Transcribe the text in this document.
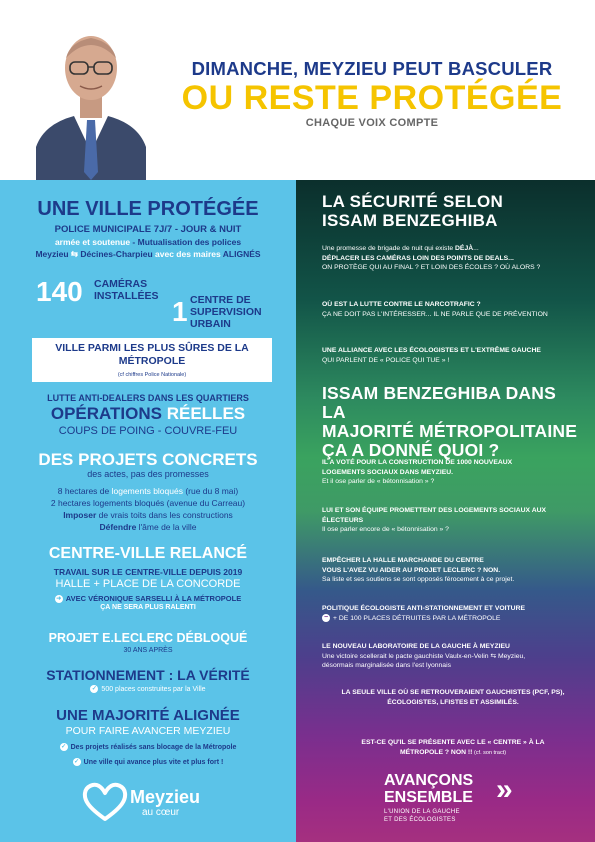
DIMANCHE, MEYZIEU PEUT BASCULER
OU RESTE PROTÉGÉE
CHAQUE VOIX COMPTE
UNE VILLE PROTÉGÉE
POLICE MUNICIPALE 7J/7 - JOUR & NUIT
armée et soutenue - Mutualisation des polices
Meyzieu ⇆ Décines-Charpieu avec des maires ALIGNÉS
140 CAMÉRAS
INSTALLÉES 1 CENTRE DE
SUPERVISION
URBAIN
VILLE PARMI LES PLUS SÛRES DE LA
MÉTROPOLE
(cf chiffres Police Nationale)
LUTTE ANTI-DEALERS DANS LES QUARTIERS
OPÉRATIONS RÉELLES
COUPS DE POING - COUVRE-FEU
DES PROJETS CONCRETS
des actes, pas des promesses
8 hectares de logements bloqués (rue du 8 mai)
2 hectares logements bloqués (avenue du Carreau)
Imposer de vrais toits dans les constructions
Défendre l'âme de la ville
CENTRE-VILLE RELANCÉ
TRAVAIL SUR LE CENTRE-VILLE DEPUIS 2019
HALLE + PLACE DE LA CONCORDE
➜ AVEC VÉRONIQUE SARSELLI À LA MÉTROPOLE
ÇA NE SERA PLUS RALENTI
PROJET E.LECLERC DÉBLOQUÉ
30 ANS APRÈS
STATIONNEMENT : LA VÉRITÉ
✓ 500 places construites par la Ville
UNE MAJORITÉ ALIGNÉE
POUR FAIRE AVANCER MEYZIEU
✓ Des projets réalisés sans blocage de la Métropole
✓ Une ville qui avance plus vite et plus fort !
Meyzieu
au cœur
LA SÉCURITÉ SELON
ISSAM BENZEGHIBA
Une promesse de brigade de nuit qui existe DÉJÀ...
DÉPLACER LES CAMÉRAS LOIN DES POINTS DE DEALS...
ON PROTÈGE QUI AU FINAL ? ET LOIN DES ÉCOLES ? OÙ ALORS ?
OÙ EST LA LUTTE CONTRE LE NARCOTRAFIC ?
ÇA NE DOIT PAS L'INTÉRESSER... IL NE PARLE QUE DE PRÉVENTION
UNE ALLIANCE AVEC LES ÉCOLOGISTES ET L'EXTRÊME GAUCHE
QUI PARLENT DE « POLICE QUI TUE » !
ISSAM BENZEGHIBA DANS LA
MAJORITÉ MÉTROPOLITAINE
ÇA A DONNÉ QUOI ?
IL A VOTÉ POUR LA CONSTRUCTION DE 1000 NOUVEAUX
LOGEMENTS SOCIAUX DANS MEYZIEU.
Et il ose parler de « bétonnisation » ?
LUI ET SON ÉQUIPE PROMETTENT DES LOGEMENTS SOCIAUX AUX
ÉLECTEURS
Il ose parler encore de « bétonnisation » ?
EMPÊCHER LA HALLE MARCHANDE DU CENTRE
VOUS L'AVEZ VU AIDER AU PROJET LECLERC ? NON.
Sa liste et ses soutiens se sont opposés férocement à ce projet.
POLITIQUE ÉCOLOGISTE ANTI-STATIONNEMENT ET VOITURE
− + DE 100 PLACES DÉTRUITES PAR LA MÉTROPOLE
LE NOUVEAU LABORATOIRE DE LA GAUCHE À MEYZIEU
Une victoire scellerait le pacte gauchiste Vaulx-en-Velin ⇆ Meyzieu,
désormais marginalisée dans l'est lyonnais
LA SEULE VILLE OÙ SE RETROUVERAIENT GAUCHISTES (PCF, PS),
ÉCOLOGISTES, LFISTES ET ASSIMILÉS.
EST-CE QU'IL SE PRÉSENTE AVEC LE « CENTRE » À LA
MÉTROPOLE ? NON !! (cf. son tract)
AVANÇONS
ENSEMBLE »
L'UNION DE LA GAUCHE
ET DES ÉCOLOGISTES
